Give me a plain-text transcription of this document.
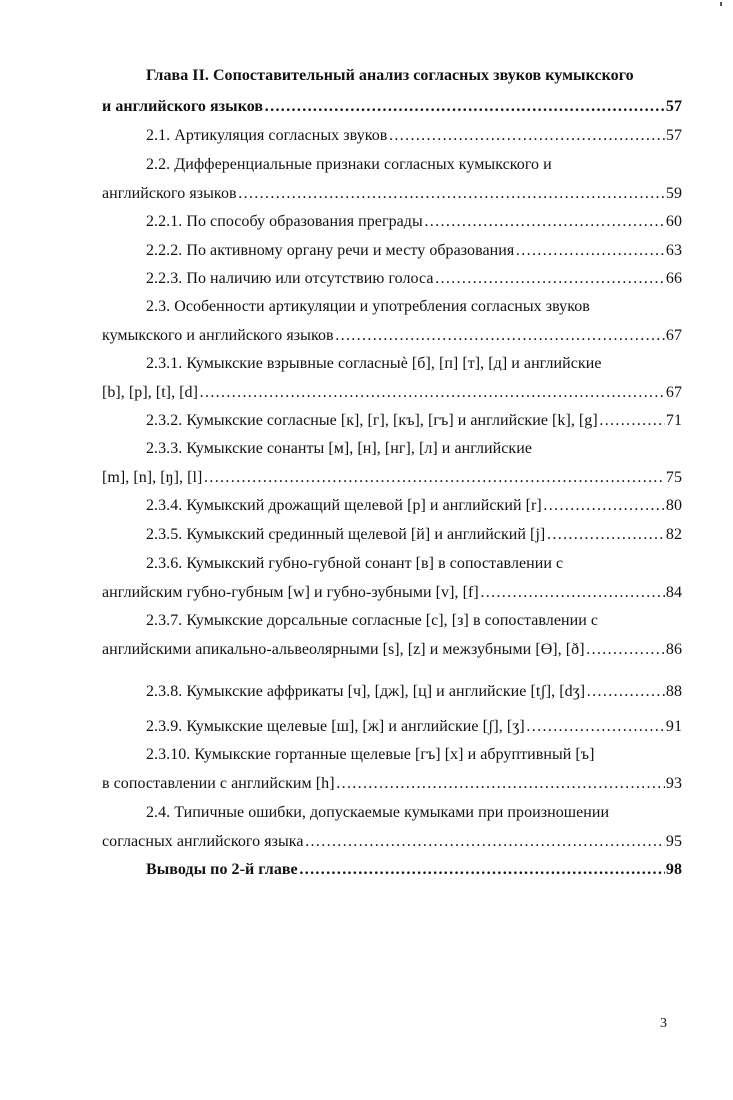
Глава II. Сопоставительный анализ согласных звуков кумыкского
и английского языков ………………………………………………………………………………………………………………………………………………………………………	57
2.1. Артикуляция согласных звуков ………………………………………………………………………………………………………………………………………………………………………	57
2.2. Дифференциальные признаки согласных кумыкского и
английского языков ………………………………………………………………………………………………………………………………………………………………………	59
2.2.1. По способу образования преграды ………………………………………………………………………………………………………………………………………………………………………	60
2.2.2. По активному органу речи и месту образования ………………………………………………………………………………………………………………………………………………………………………	63
2.2.3. По наличию или отсутствию голоса ………………………………………………………………………………………………………………………………………………………………………	66
2.3. Особенности артикуляции и употребления согласных звуков
кумыкского и английского языков ………………………………………………………………………………………………………………………………………………………………………	67
2.3.1. Кумыкские взрывные согласныѐ [б], [п] [т], [д] и английские
[b], [p], [t], [d] ………………………………………………………………………………………………………………………………………………………………………	67
2.3.2. Кумыкские согласные [к], [г], [къ], [гъ] и английские [k], [g] ………………………………………………………………………………………………………………………………………………………………………	71
2.3.3. Кумыкские сонанты [м], [н], [нг], [л] и английские
[m], [n], [ŋ], [l] ………………………………………………………………………………………………………………………………………………………………………	75
2.3.4. Кумыкский дрожащий щелевой [р] и английский [r] ………………………………………………………………………………………………………………………………………………………………………	80
2.3.5. Кумыкский срединный щелевой [й] и английский [j] ………………………………………………………………………………………………………………………………………………………………………	82
2.3.6. Кумыкский губно-губной сонант [в] в сопоставлении с
английским губно-губным [w] и губно-зубными [v], [f] ………………………………………………………………………………………………………………………………………………………………………	84
2.3.7. Кумыкские дорсальные согласные [с], [з] в сопоставлении с
английскими апикально-альвеолярными [s], [z] и межзубными [Ɵ], [ð] ………………………………………………………………………………………………………………………………………………………………………	86
2.3.8. Кумыкские аффрикаты [ч], [дж], [ц] и английские [tʃ], [dʒ] ………………………………………………………………………………………………………………………………………………………………………	88
2.3.9. Кумыкские щелевые [ш], [ж] и английские [ʃ], [ʒ] ………………………………………………………………………………………………………………………………………………………………………	91
2.3.10. Кумыкские гортанные щелевые [гъ] [х] и абруптивный [ъ]
в сопоставлении с английским [h] ………………………………………………………………………………………………………………………………………………………………………	93
2.4. Типичные ошибки, допускаемые кумыками при произношении
согласных английского языка ………………………………………………………………………………………………………………………………………………………………………	95
Выводы по 2-й главе ………………………………………………………………………………………………………………………………………………………………………	98
3
